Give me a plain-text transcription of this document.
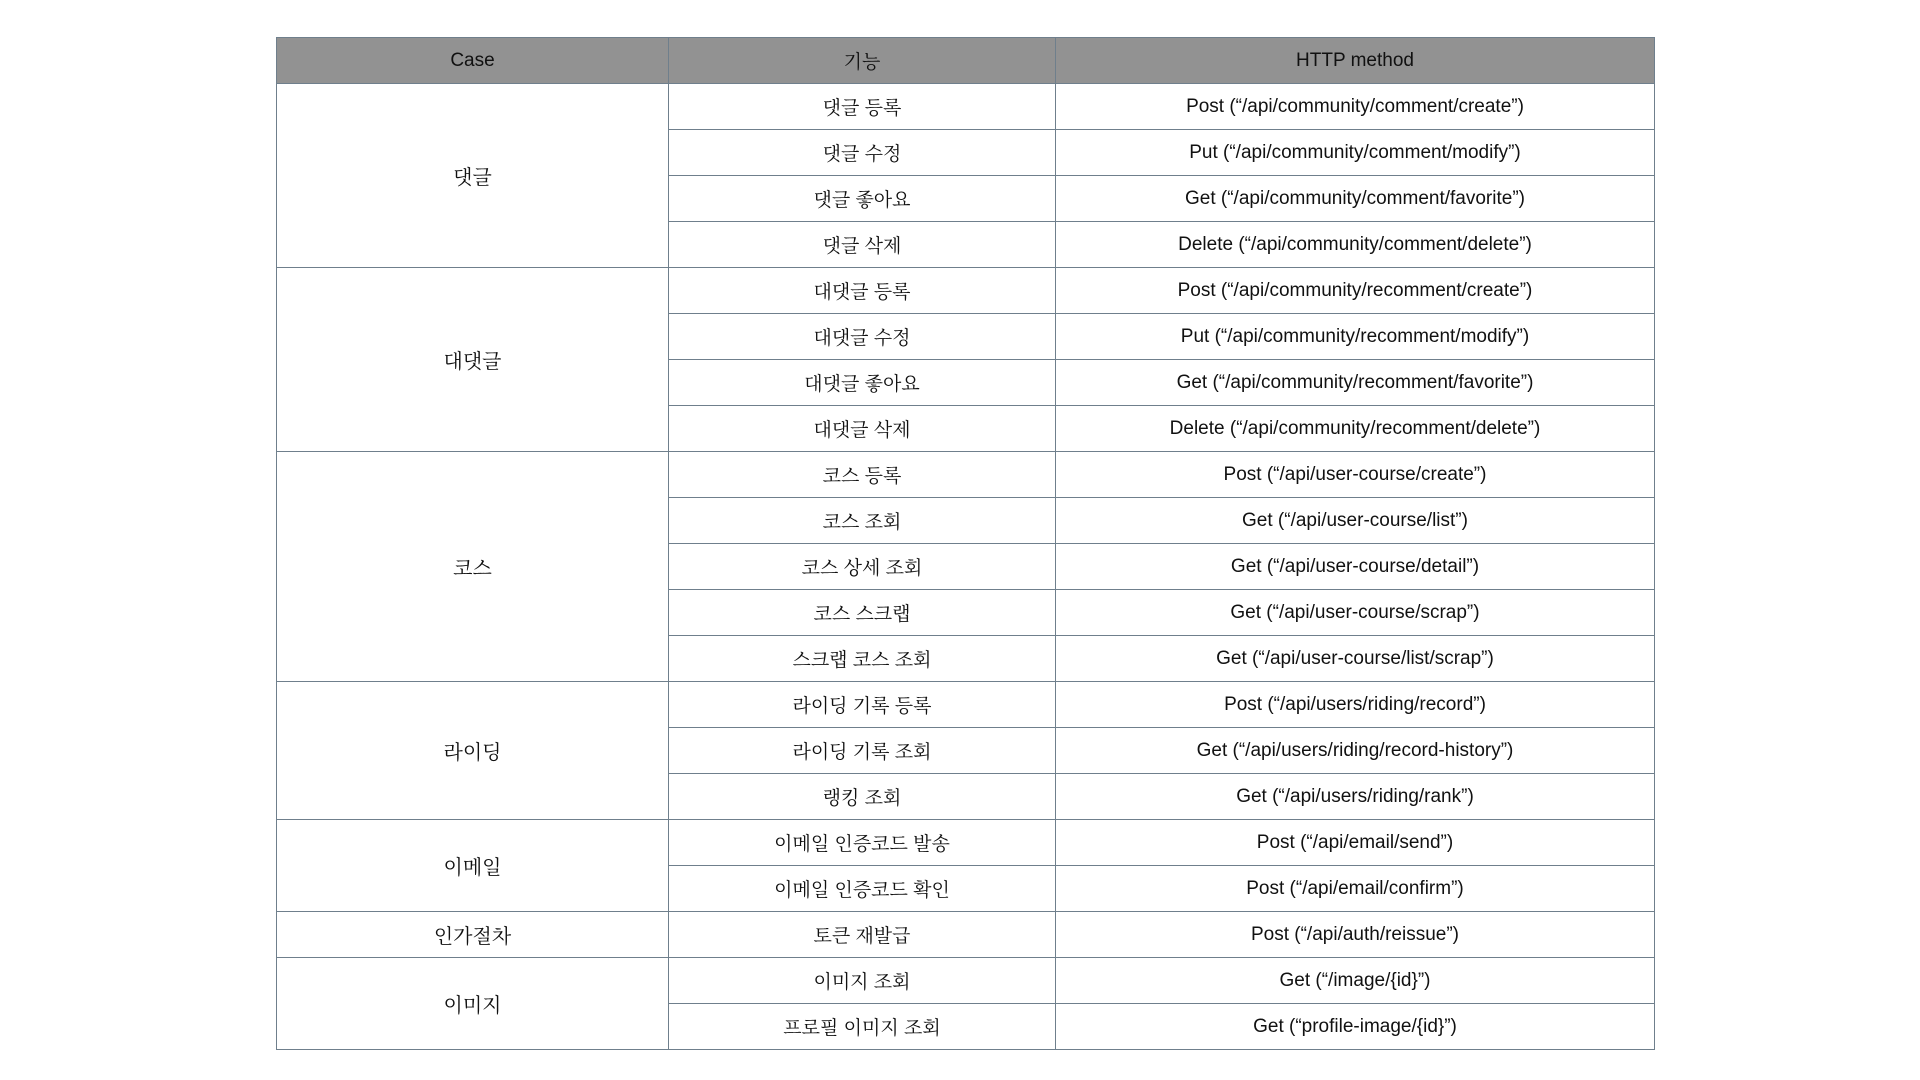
Case	기능	HTTP method
댓글	댓글 등록	Post (“/api/community/comment/create”)
	댓글 수정	Put (“/api/community/comment/modify”)
	댓글 좋아요	Get (“/api/community/comment/favorite”)
	댓글 삭제	Delete (“/api/community/comment/delete”)
대댓글	대댓글 등록	Post (“/api/community/recomment/create”)
	대댓글 수정	Put (“/api/community/recomment/modify”)
	대댓글 좋아요	Get (“/api/community/recomment/favorite”)
	대댓글 삭제	Delete (“/api/community/recomment/delete”)
코스	코스 등록	Post (“/api/user-course/create”)
	코스 조회	Get (“/api/user-course/list”)
	코스 상세 조회	Get (“/api/user-course/detail”)
	코스 스크랩	Get (“/api/user-course/scrap”)
	스크랩 코스 조회	Get (“/api/user-course/list/scrap”)
라이딩	라이딩 기록 등록	Post (“/api/users/riding/record”)
	라이딩 기록 조회	Get (“/api/users/riding/record-history”)
	랭킹 조회	Get (“/api/users/riding/rank”)
이메일	이메일 인증코드 발송	Post (“/api/email/send”)
	이메일 인증코드 확인	Post (“/api/email/confirm”)
인가절차	토큰 재발급	Post (“/api/auth/reissue”)
이미지	이미지 조회	Get (“/image/{id}”)
	프로필 이미지 조회	Get (“profile-image/{id}”)
